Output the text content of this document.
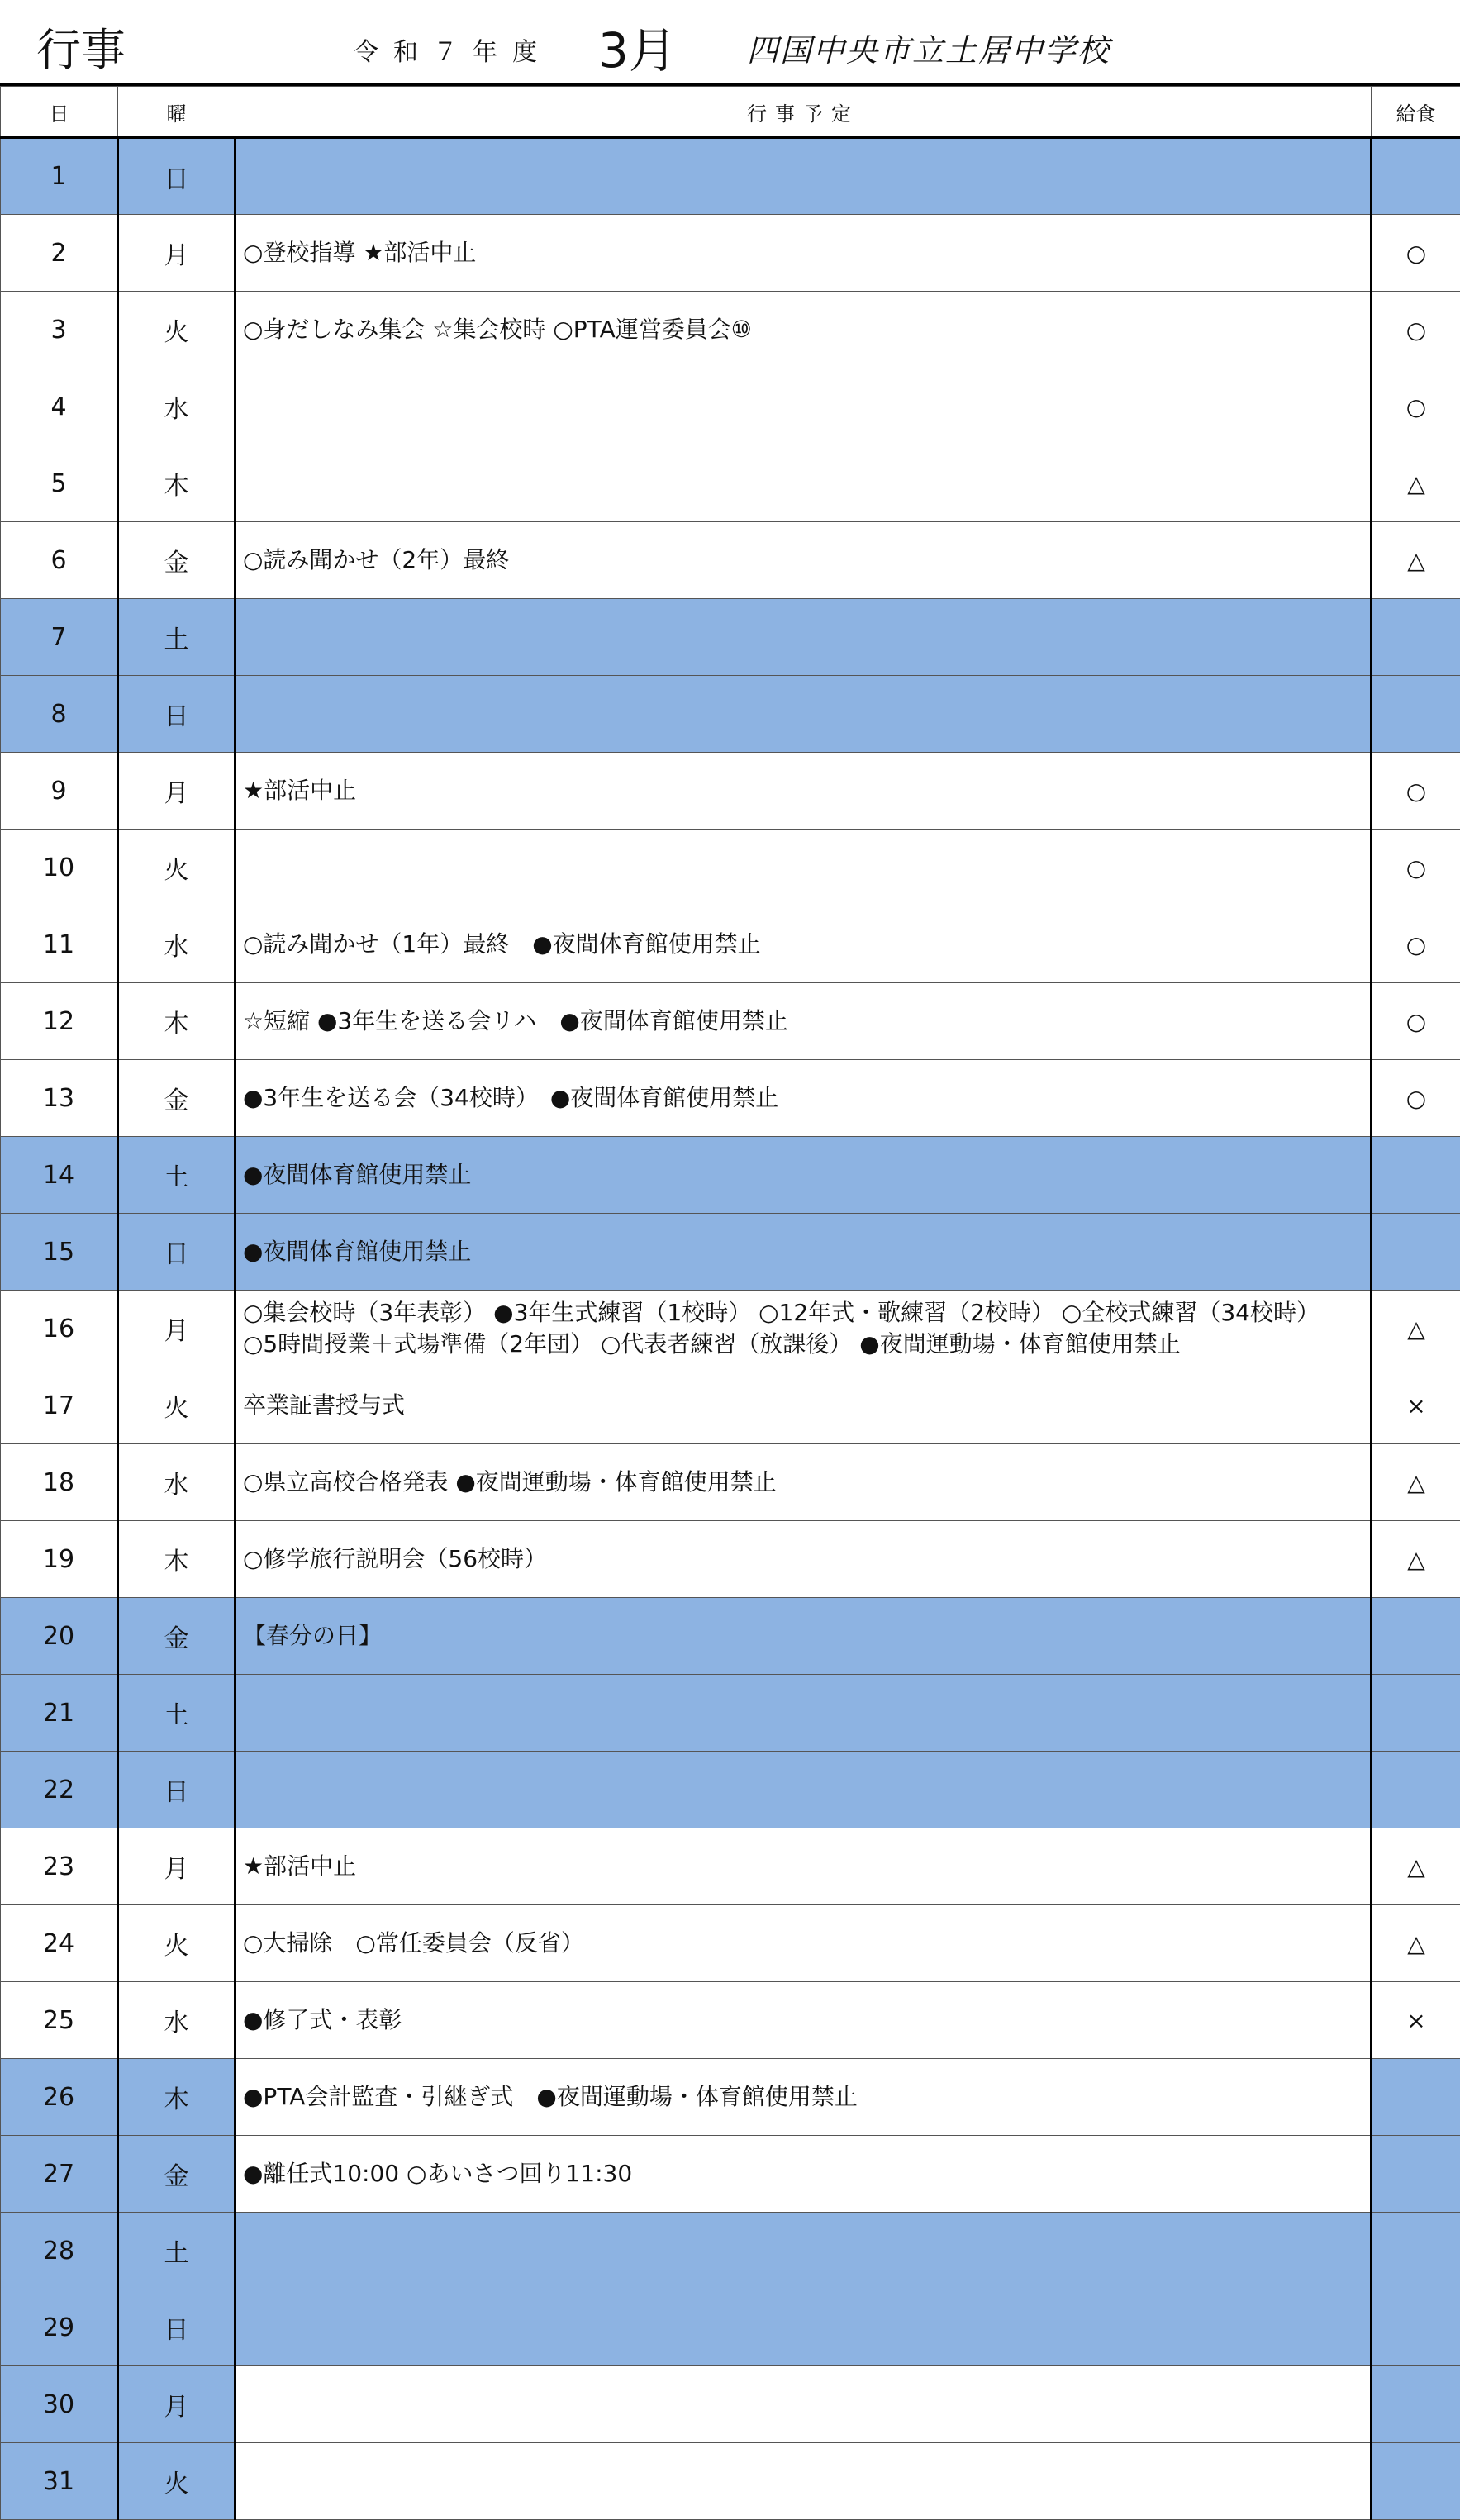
行事	令和７年度 3月 四国中央市立土居中学校
日	曜	行事予定	給食
1	日		
2	月	○登校指導 ★部活中止	○
3	火	○身だしなみ集会 ☆集会校時 ○PTA運営委員会⑩	○
4	水		○
5	木		△
6	金	○読み聞かせ（2年）最終	△
7	土		
8	日		
9	月	★部活中止	○
10	火		○
11	水	○読み聞かせ（1年）最終　●夜間体育館使用禁止	○
12	木	☆短縮 ●3年生を送る会リハ　●夜間体育館使用禁止	○
13	金	●3年生を送る会（34校時）　●夜間体育館使用禁止	○
14	土	●夜間体育館使用禁止	

15	日	●夜間体育館使用禁止	

16	月	○集会校時（3年表彰） ●3年生式練習（1校時） ○12年式・歌練習（2校時） ○全校式練習（34校時）
○5時間授業＋式場準備（2年団） ○代表者練習（放課後） ●夜間運動場・体育館使用禁止	△
17	火	卒業証書授与式	×
18	水	○県立高校合格発表 ●夜間運動場・体育館使用禁止	△
19	木	○修学旅行説明会（56校時）	△
20	金	【春分の日】	

21	土		
22	日		
23	月	★部活中止	△
24	火	○大掃除　○常任委員会（反省）	△
25	水	●修了式・表彰	×
26	木	●PTA会計監査・引継ぎ式　●夜間運動場・体育館使用禁止	

27	金	●離任式10:00 ○あいさつ回り11:30	

28	土		
29	日		
30	月		
31	火		
